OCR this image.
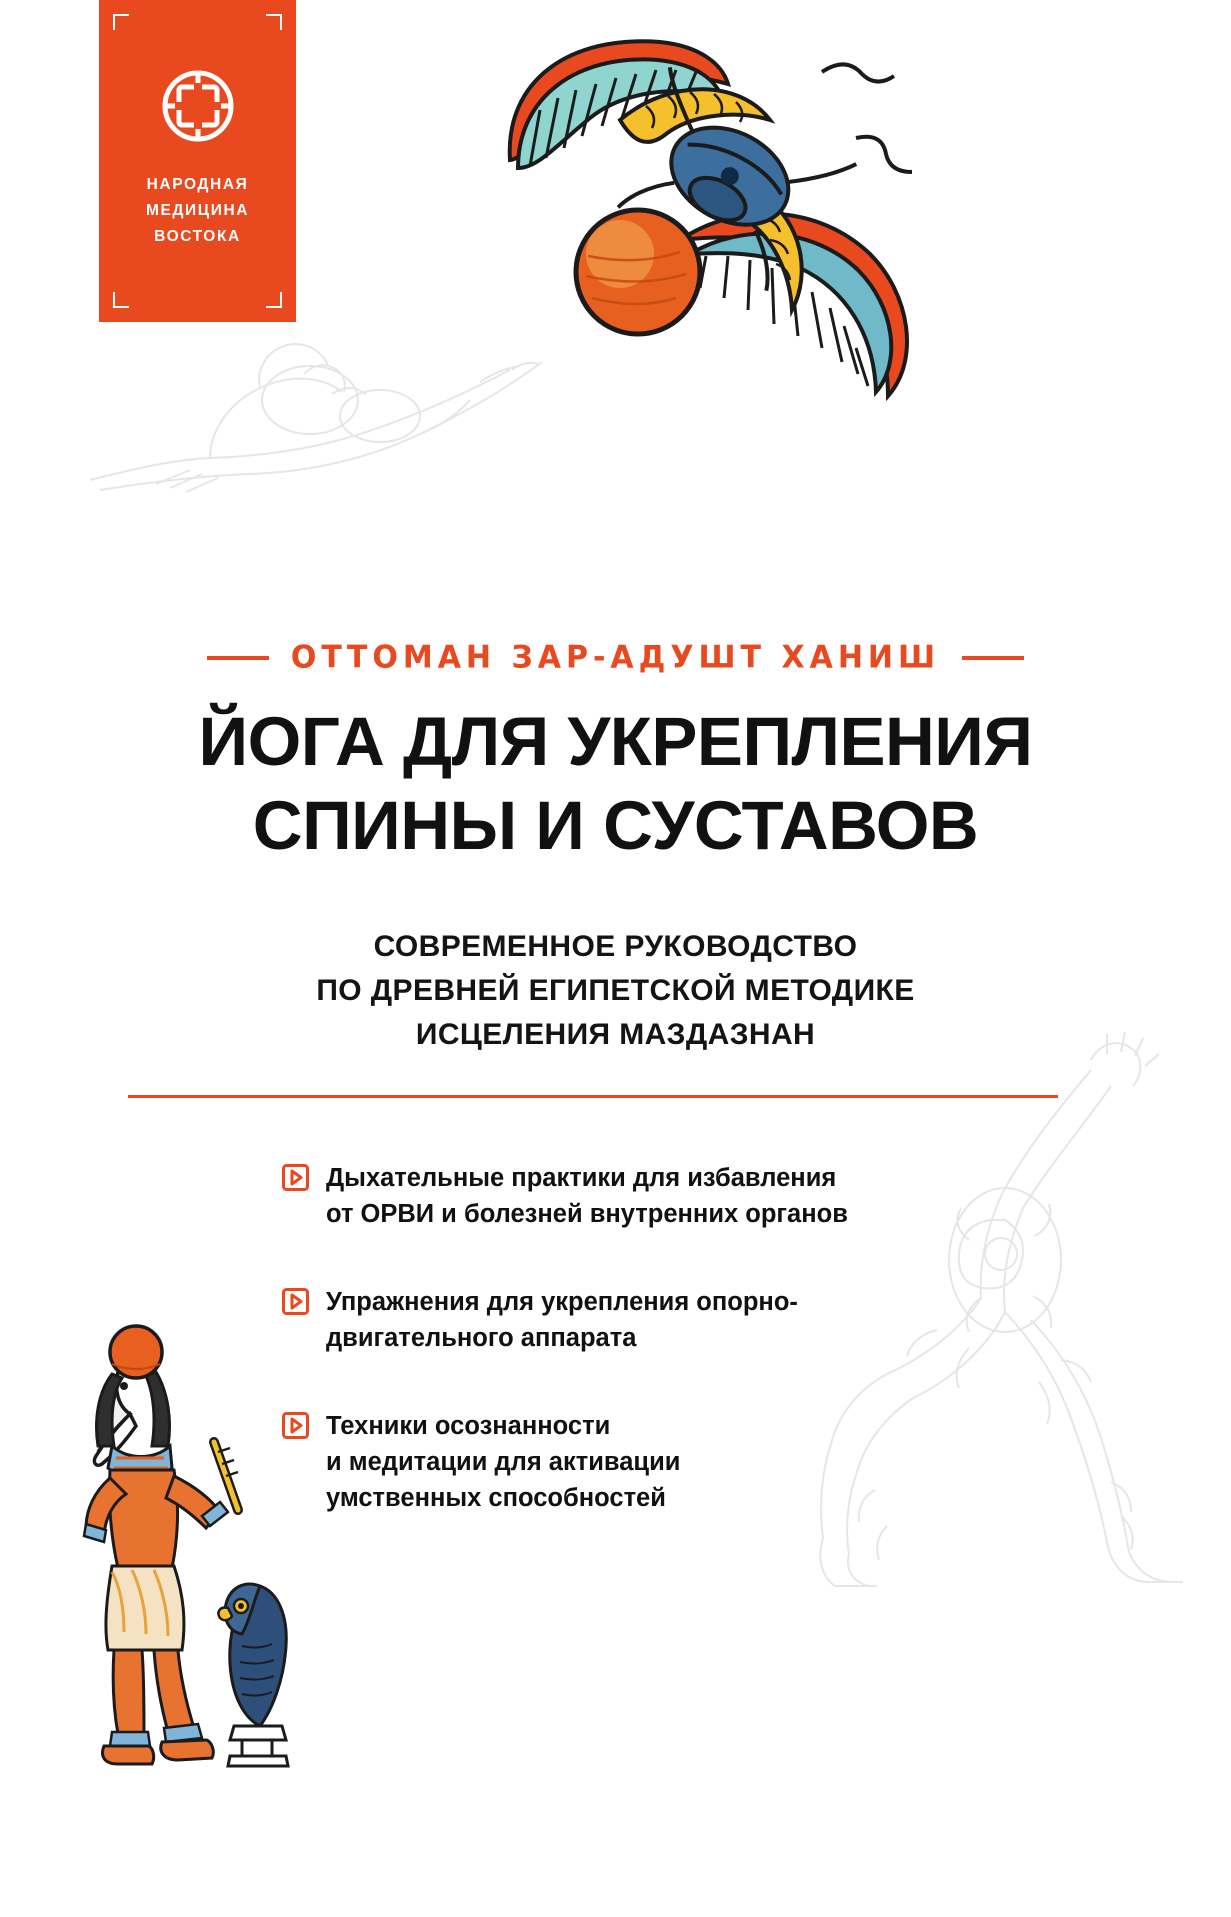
НАРОДНАЯ
МЕДИЦИНА
ВОСТОКА
ОТТОМАН ЗАР-АДУШТ ХАНИШ
ЙОГА ДЛЯ УКРЕПЛЕНИЯ
СПИНЫ И СУСТАВОВ
СОВРЕМЕННОЕ РУКОВОДСТВО
ПО ДРЕВНЕЙ ЕГИПЕТСКОЙ МЕТОДИКЕ
ИСЦЕЛЕНИЯ МАЗДАЗНАН
Дыхательные практики для избавления
от ОРВИ и болезней внутренних органов
Упражнения для укрепления опорно-
двигательного аппарата
Техники осознанности
и медитации для активации
умственных способностей
